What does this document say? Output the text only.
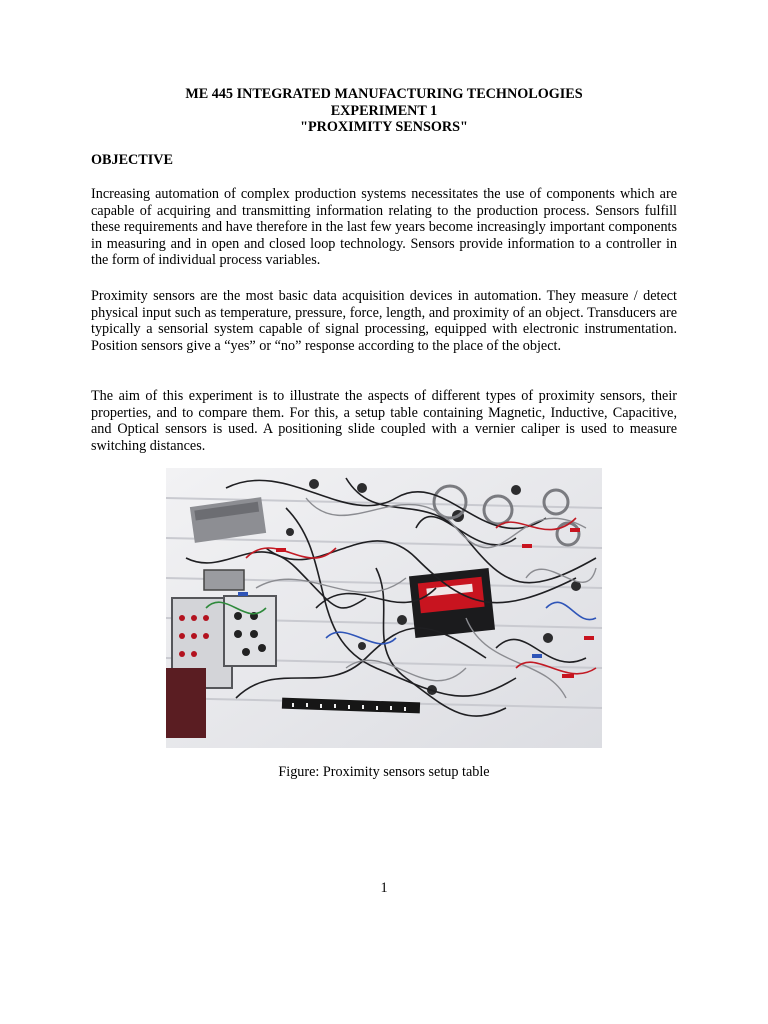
ME 445 INTEGRATED MANUFACTURING TECHNOLOGIES
EXPERIMENT 1
"PROXIMITY SENSORS"
OBJECTIVE

Increasing automation of complex production systems necessitates the use of components which are capable of acquiring and transmitting information relating to the production process. Sensors fulfill these requirements and have therefore in the last few years become increasingly important components in measuring and in open and closed loop technology. Sensors provide information to a controller in the form of individual process variables.

Proximity sensors are the most basic data acquisition devices in automation. They measure / detect physical input such as temperature, pressure, force, length, and proximity of an object. Transducers are typically a sensorial system capable of signal processing, equipped with electronic instrumentation. Position sensors give a “yes” or “no” response according to the place of the object.

The aim of this experiment is to illustrate the aspects of different types of proximity sensors, their properties, and to compare them. For this, a setup table containing Magnetic, Inductive, Capacitive, and Optical sensors is used. A positioning slide coupled with a vernier caliper is used to measure switching distances.

Figure: Proximity sensors setup table
1
